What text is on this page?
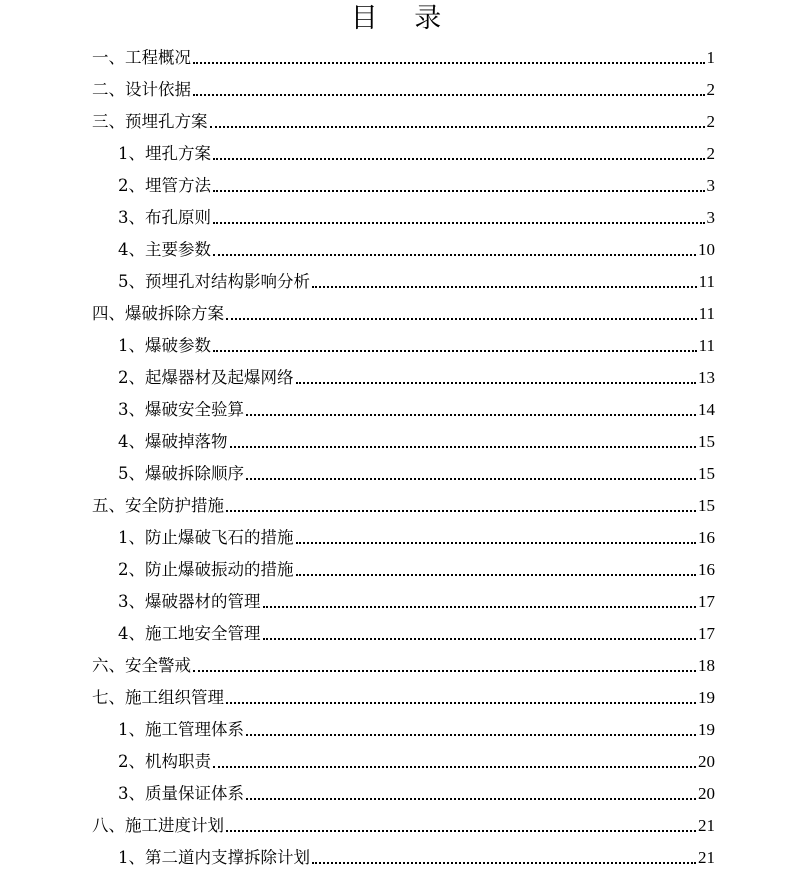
目 录
一、工程概况	1
二、设计依据	2
三、预埋孔方案	2
1、埋孔方案	2
2、埋管方法	3
3、布孔原则	3
4、主要参数	10
5、预埋孔对结构影响分析	11
四、爆破拆除方案	11
1、爆破参数	11
2、起爆器材及起爆网络	13
3、爆破安全验算	14
4、爆破掉落物	15
5、爆破拆除顺序	15
五、安全防护措施	15
1、防止爆破飞石的措施	16
2、防止爆破振动的措施	16
3、爆破器材的管理	17
4、施工地安全管理	17
六、安全警戒	18
七、施工组织管理	19
1、施工管理体系	19
2、机构职责	20
3、质量保证体系	20
八、施工进度计划	21
1、第二道内支撑拆除计划	21
